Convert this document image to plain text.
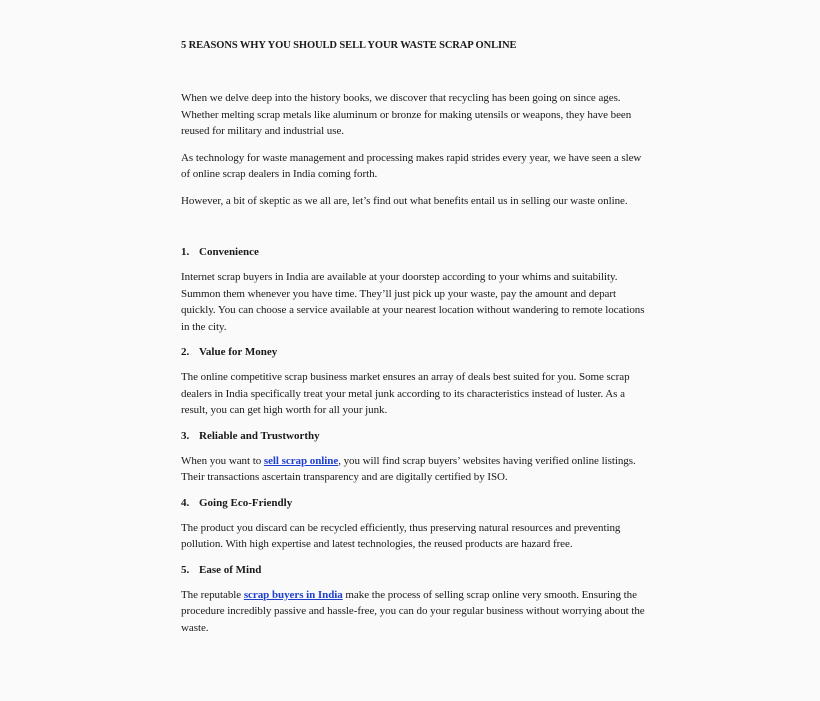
5 REASONS WHY YOU SHOULD SELL YOUR WASTE SCRAP ONLINE

When we delve deep into the history books, we discover that recycling has been going on since ages. Whether melting scrap metals like aluminum or bronze for making utensils or weapons, they have been reused for military and industrial use.

As technology for waste management and processing makes rapid strides every year, we have seen a slew of online scrap dealers in India coming forth.

However, a bit of skeptic as we all are, let’s find out what benefits entail us in selling our waste online.

1. Convenience

Internet scrap buyers in India are available at your doorstep according to your whims and suitability. Summon them whenever you have time. They’ll just pick up your waste, pay the amount and depart quickly. You can choose a service available at your nearest location without wandering to remote locations in the city.

2. Value for Money

The online competitive scrap business market ensures an array of deals best suited for you. Some scrap dealers in India specifically treat your metal junk according to its characteristics instead of luster. As a result, you can get high worth for all your junk.

3. Reliable and Trustworthy

When you want to sell scrap online, you will find scrap buyers’ websites having verified online listings. Their transactions ascertain transparency and are digitally certified by ISO.

4. Going Eco-Friendly

The product you discard can be recycled efficiently, thus preserving natural resources and preventing pollution. With high expertise and latest technologies, the reused products are hazard free.

5. Ease of Mind

The reputable scrap buyers in India make the process of selling scrap online very smooth. Ensuring the procedure incredibly passive and hassle-free, you can do your regular business without worrying about the waste.
